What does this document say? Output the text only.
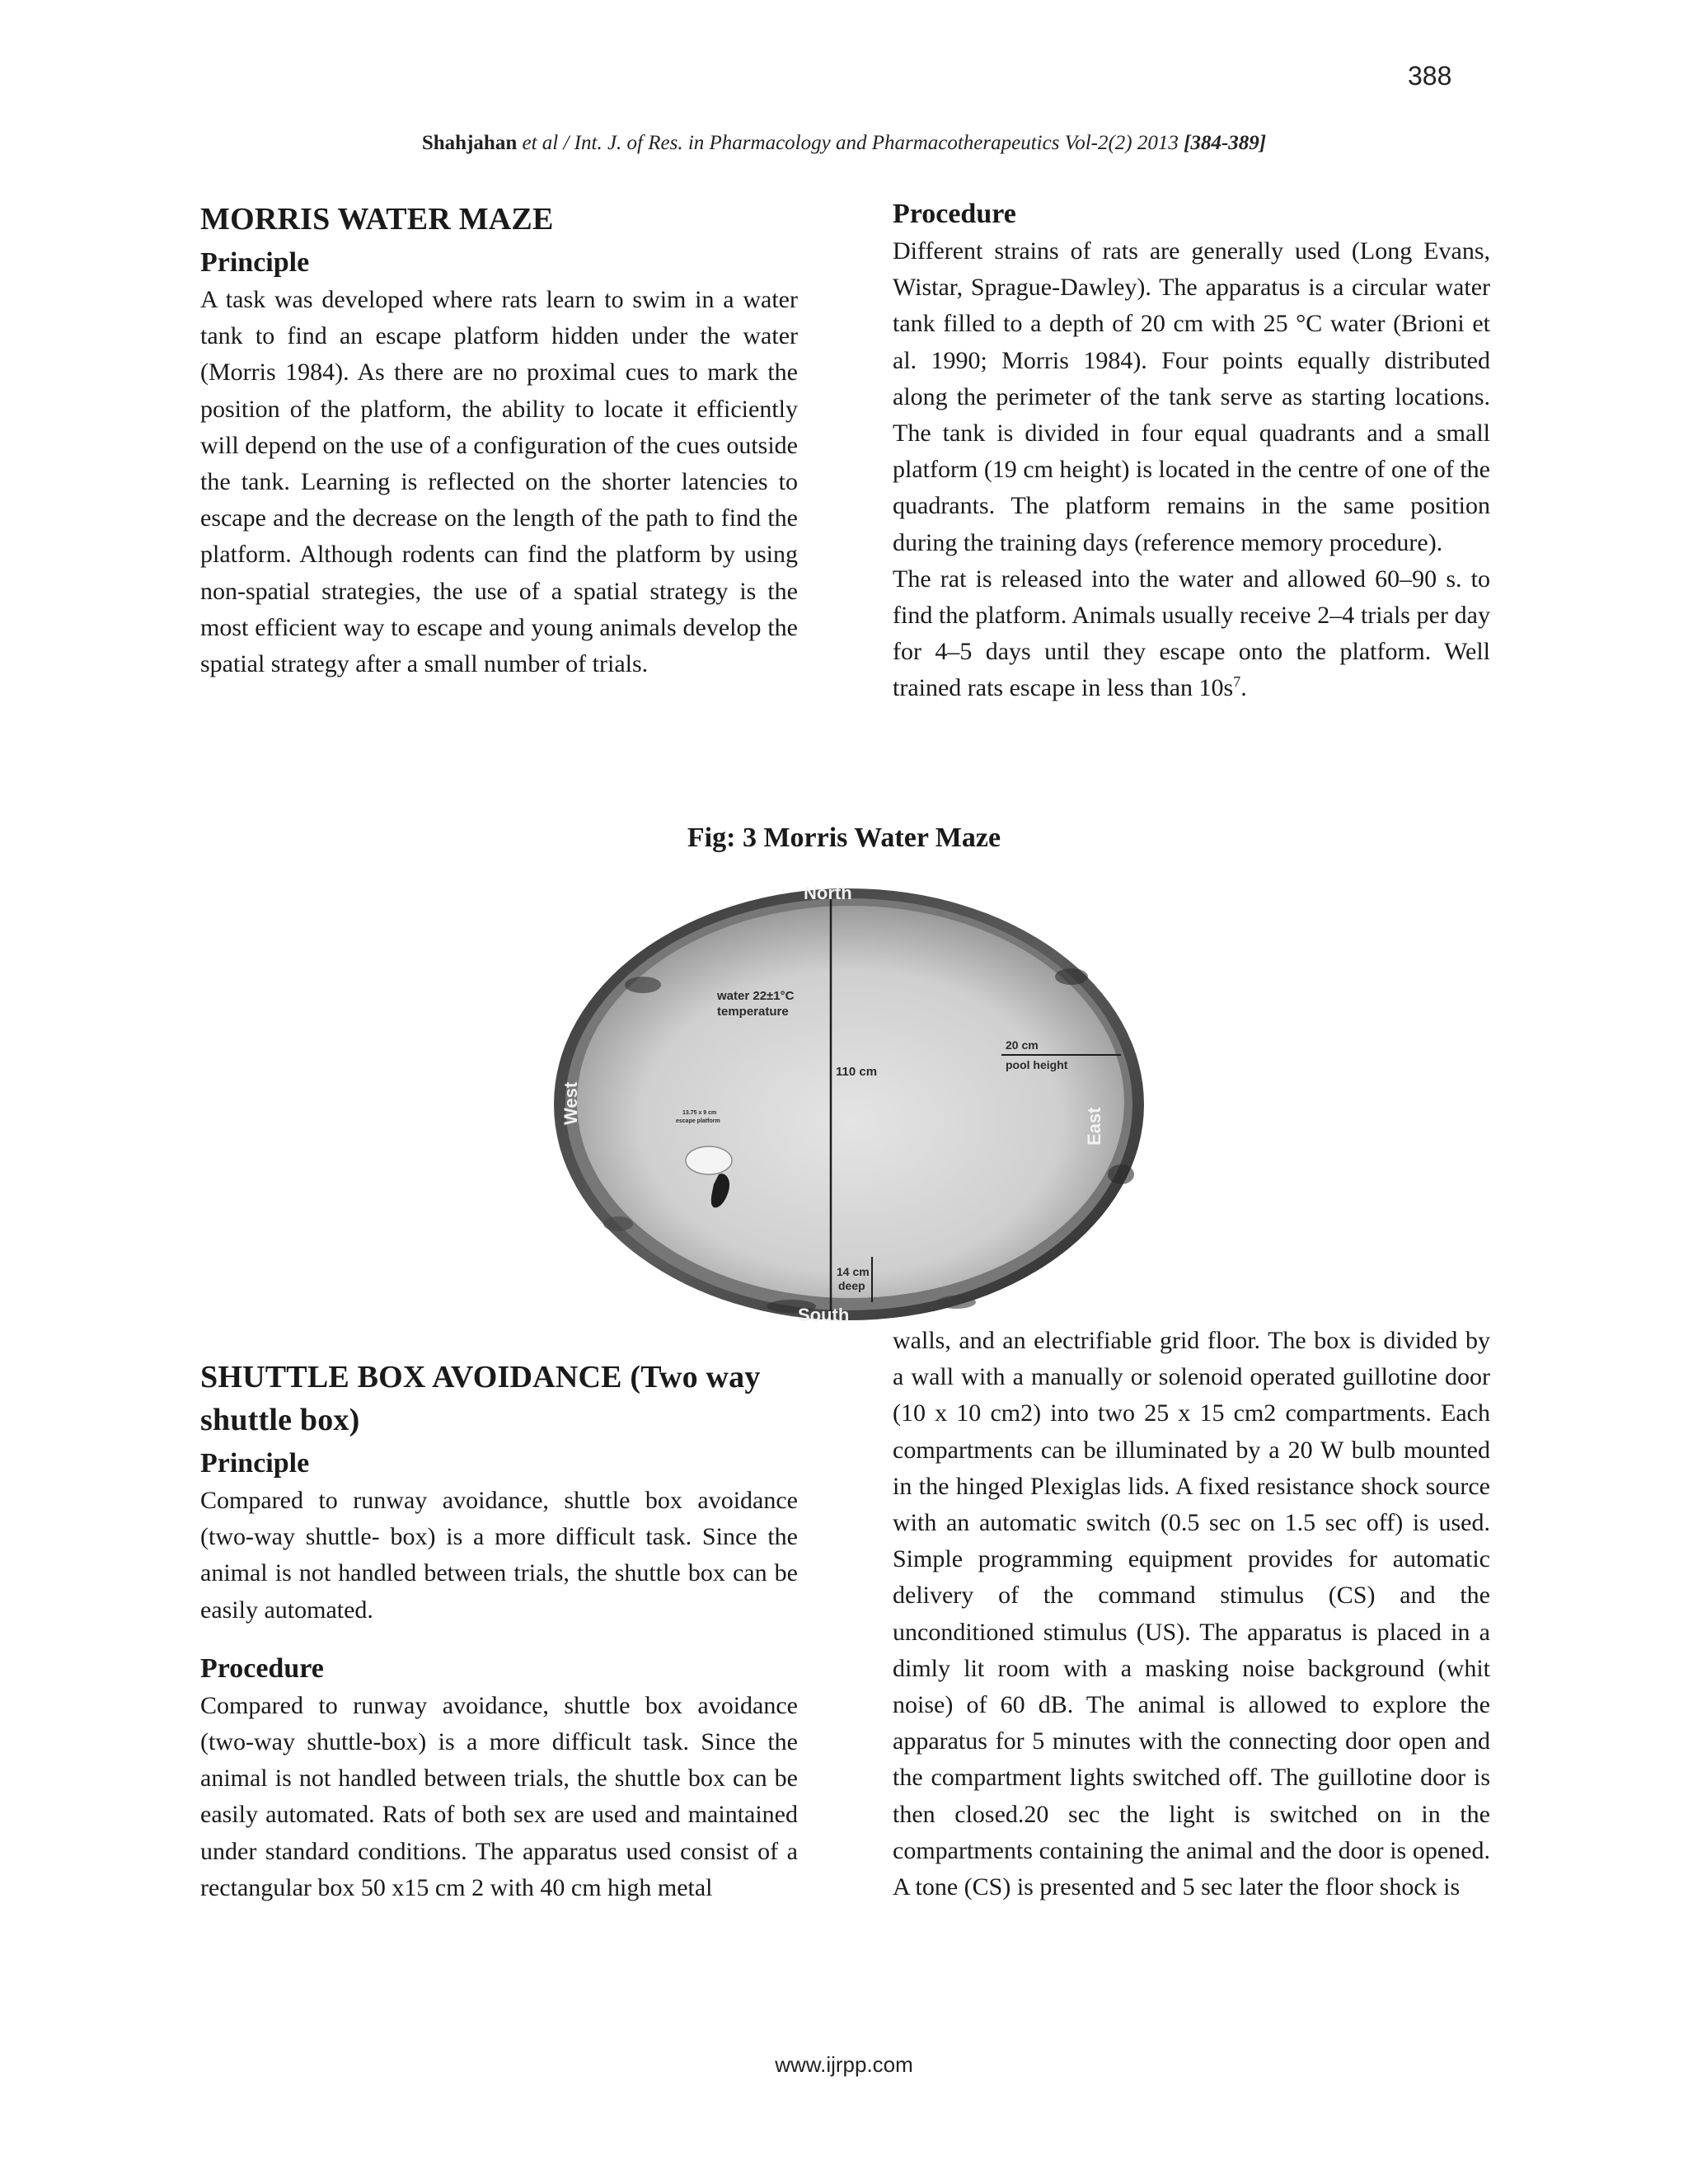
388
Shahjahan et al / Int. J. of Res. in Pharmacology and Pharmacotherapeutics Vol-2(2) 2013 [384-389]
MORRIS WATER MAZE
Principle

A task was developed where rats learn to swim in a water tank to find an escape platform hidden under the water (Morris 1984). As there are no proximal cues to mark the position of the platform, the ability to locate it efficiently will depend on the use of a configuration of the cues outside the tank. Learning is reflected on the shorter latencies to escape and the decrease on the length of the path to find the platform. Although rodents can find the platform by using non-spatial strategies, the use of a spatial strategy is the most efficient way to escape and young animals develop the spatial strategy after a small number of trials.

Procedure

Different strains of rats are generally used (Long Evans, Wistar, Sprague-Dawley). The apparatus is a circular water tank filled to a depth of 20 cm with 25 °C water (Brioni et al. 1990; Morris 1984). Four points equally distributed along the perimeter of the tank serve as starting locations. The tank is divided in four equal quadrants and a small platform (19 cm height) is located in the centre of one of the quadrants. The platform remains in the same position during the training days (reference memory procedure).

The rat is released into the water and allowed 60–90 s. to find the platform. Animals usually receive 2–4 trials per day for 4–5 days until they escape onto the platform. Well trained rats escape in less than $10s^7$.

Fig: 3 Morris Water Maze
North
South
West
East
water 22±1°C
temperature
110 cm
20 cm
pool height
13.75 x 9 cm
escape platform
14 cm
deep
SHUTTLE BOX AVOIDANCE (Two way shuttle box)
Principle

Compared to runway avoidance, shuttle box avoidance (two-way shuttle- box) is a more difficult task. Since the animal is not handled between trials, the shuttle box can be easily automated.

Procedure

Compared to runway avoidance, shuttle box avoidance (two-way shuttle-box) is a more difficult task. Since the animal is not handled between trials, the shuttle box can be easily automated. Rats of both sex are used and maintained under standard conditions. The apparatus used consist of a rectangular box 50 x15 cm 2 with 40 cm high metal

walls, and an electrifiable grid floor. The box is divided by a wall with a manually or solenoid operated guillotine door (10 x 10 cm2) into two 25 x 15 cm2 compartments. Each compartments can be illuminated by a 20 W bulb mounted in the hinged Plexiglas lids. A fixed resistance shock source with an automatic switch (0.5 sec on 1.5 sec off) is used. Simple programming equipment provides for automatic delivery of the command stimulus (CS) and the unconditioned stimulus (US). The apparatus is placed in a dimly lit room with a masking noise background (whit noise) of 60 dB. The animal is allowed to explore the apparatus for 5 minutes with the connecting door open and the compartment lights switched off. The guillotine door is then closed.20 sec the light is switched on in the compartments containing the animal and the door is opened. A tone (CS) is presented and 5 sec later the floor shock is

www.ijrpp.com
